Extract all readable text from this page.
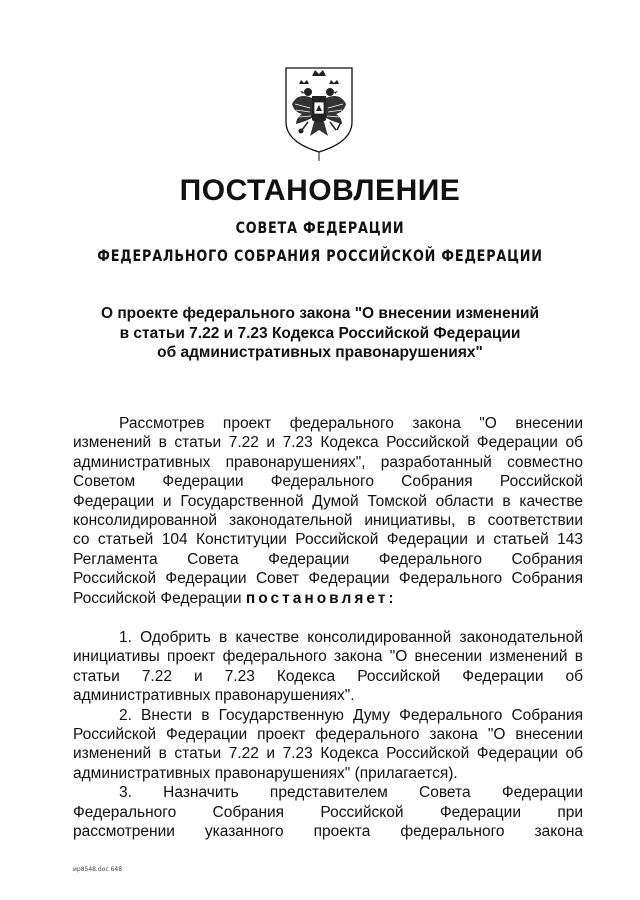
ПОСТАНОВЛЕНИЕ
СОВЕТА ФЕДЕРАЦИИ
ФЕДЕРАЛЬНОГО СОБРАНИЯ РОССИЙСКОЙ ФЕДЕРАЦИИ
О проекте федерального закона "О внесении изменений
в статьи 7.22 и 7.23 Кодекса Российской Федерации
об административных правонарушениях"
Рассмотрев проект федерального закона "О внесении
изменений в статьи 7.22 и 7.23 Кодекса Российской Федерации об
административных правонарушениях", разработанный совместно
Советом Федерации Федерального Собрания Российской
Федерации и Государственной Думой Томской области в качестве
консолидированной законодательной инициативы, в соответствии
со статьей 104 Конституции Российской Федерации и статьей 143
Регламента Совета Федерации Федерального Собрания
Российской Федерации Совет Федерации Федерального Собрания
Российской Федерации постановляет:
1. Одобрить в качестве консолидированной законодательной
инициативы проект федерального закона "О внесении изменений в
статьи 7.22 и 7.23 Кодекса Российской Федерации об
административных правонарушениях".
2. Внести в Государственную Думу Федерального Собрания
Российской Федерации проект федерального закона "О внесении
изменений в статьи 7.22 и 7.23 Кодекса Российской Федерации об
административных правонарушениях" (прилагается).
3. Назначить представителем Совета Федерации
Федерального Собрания Российской Федерации при
рассмотрении указанного проекта федерального закона
ир8548.doc 648
